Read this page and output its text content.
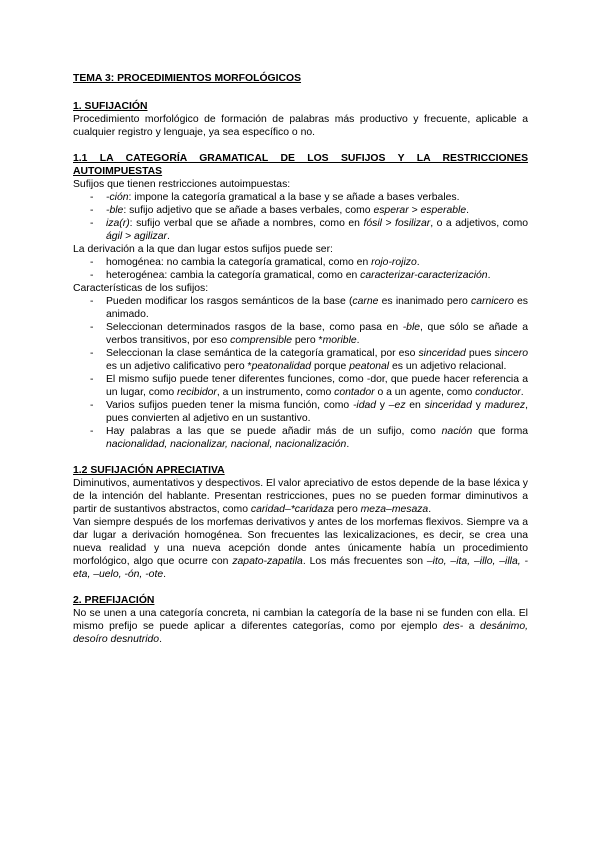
TEMA 3: PROCEDIMIENTOS MORFOLÓGICOS

1. SUFIJACIÓN

Procedimiento morfológico de formación de palabras más productivo y frecuente, aplicable a cualquier registro y lenguaje, ya sea específico o no.

1.1 LA CATEGORÍA GRAMATICAL DE LOS SUFIJOS Y LA RESTRICCIONES AUTOIMPUESTAS

Sufijos que tienen restricciones autoimpuestas:

- -ción: impone la categoría gramatical a la base y se añade a bases verbales.
- -ble: sufijo adjetivo que se añade a bases verbales, como esperar > esperable.
- iza(r): sufijo verbal que se añade a nombres, como en fósil > fosilizar, o a adjetivos, como ágil > agilizar.

La derivación a la que dan lugar estos sufijos puede ser:

- homogénea: no cambia la categoría gramatical, como en rojo-rojizo.
- heterogénea: cambia la categoría gramatical, como en caracterizar-caracterización.

Características de los sufijos:

- Pueden modificar los rasgos semánticos de la base (carne es inanimado pero carnicero es animado.
- Seleccionan determinados rasgos de la base, como pasa en -ble, que sólo se añade a verbos transitivos, por eso comprensible pero *morible.
- Seleccionan la clase semántica de la categoría gramatical, por eso sinceridad pues sincero es un adjetivo calificativo pero *peatonalidad porque peatonal es un adjetivo relacional.
- El mismo sufijo puede tener diferentes funciones, como -dor, que puede hacer referencia a un lugar, como recibidor, a un instrumento, como contador o a un agente, como conductor.
- Varios sufijos pueden tener la misma función, como -idad y –ez en sinceridad y madurez, pues convierten al adjetivo en un sustantivo.
- Hay palabras a las que se puede añadir más de un sufijo, como nación que forma nacionalidad, nacionalizar, nacional, nacionalización.

1.2 SUFIJACIÓN APRECIATIVA

Diminutivos, aumentativos y despectivos. El valor apreciativo de estos depende de la base léxica y de la intención del hablante. Presentan restricciones, pues no se pueden formar diminutivos a partir de sustantivos abstractos, como caridad–*caridaza pero meza–mesaza.

Van siempre después de los morfemas derivativos y antes de los morfemas flexivos. Siempre va a dar lugar a derivación homogénea. Son frecuentes las lexicalizaciones, es decir, se crea una nueva realidad y una nueva acepción donde antes únicamente había un procedimiento morfológico, algo que ocurre con zapato-zapatila. Los más frecuentes son –ito, –ita, –illo, –illa, -eta, –uelo, -ón, -ote.

2. PREFIJACIÓN

No se unen a una categoría concreta, ni cambian la categoría de la base ni se funden con ella. El mismo prefijo se puede aplicar a diferentes categorías, como por ejemplo des- a desánimo, desoíro desnutrido.
